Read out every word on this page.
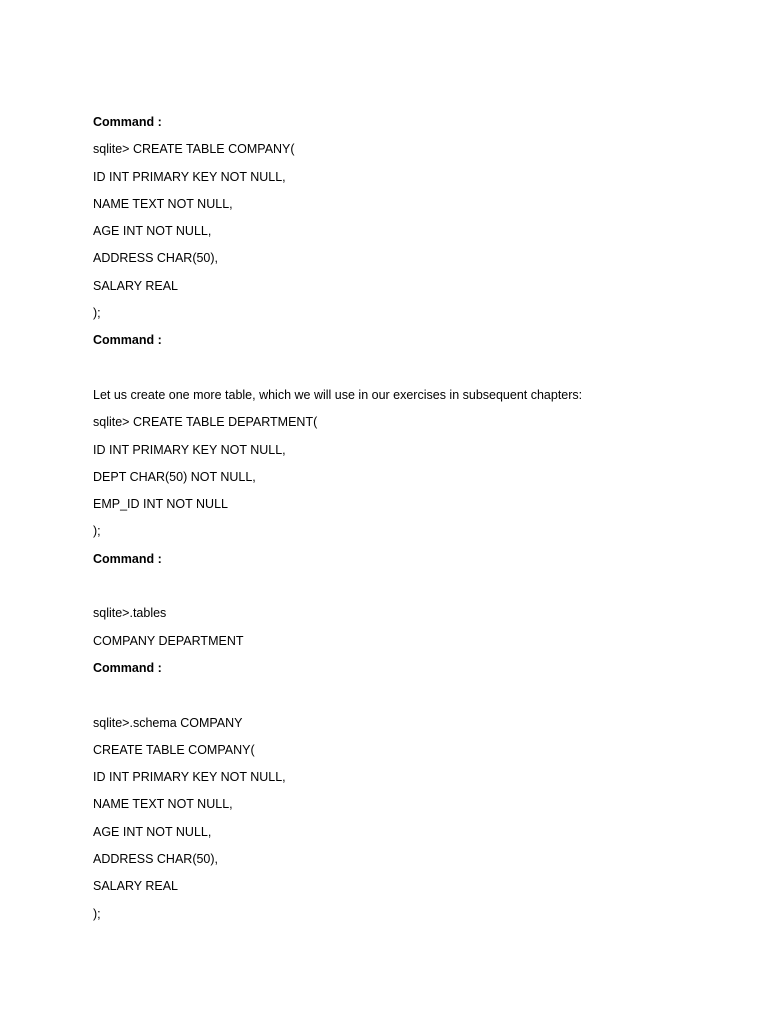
Command :
sqlite> CREATE TABLE COMPANY(
ID INT PRIMARY KEY NOT NULL,
NAME TEXT NOT NULL,
AGE INT NOT NULL,
ADDRESS CHAR(50),
SALARY REAL
);
Command :
Let us create one more table, which we will use in our exercises in subsequent chapters:
sqlite> CREATE TABLE DEPARTMENT(
ID INT PRIMARY KEY NOT NULL,
DEPT CHAR(50) NOT NULL,
EMP_ID INT NOT NULL
);
Command :
sqlite>.tables
COMPANY DEPARTMENT
Command :
sqlite>.schema COMPANY
CREATE TABLE COMPANY(
ID INT PRIMARY KEY NOT NULL,
NAME TEXT NOT NULL,
AGE INT NOT NULL,
ADDRESS CHAR(50),
SALARY REAL
);
